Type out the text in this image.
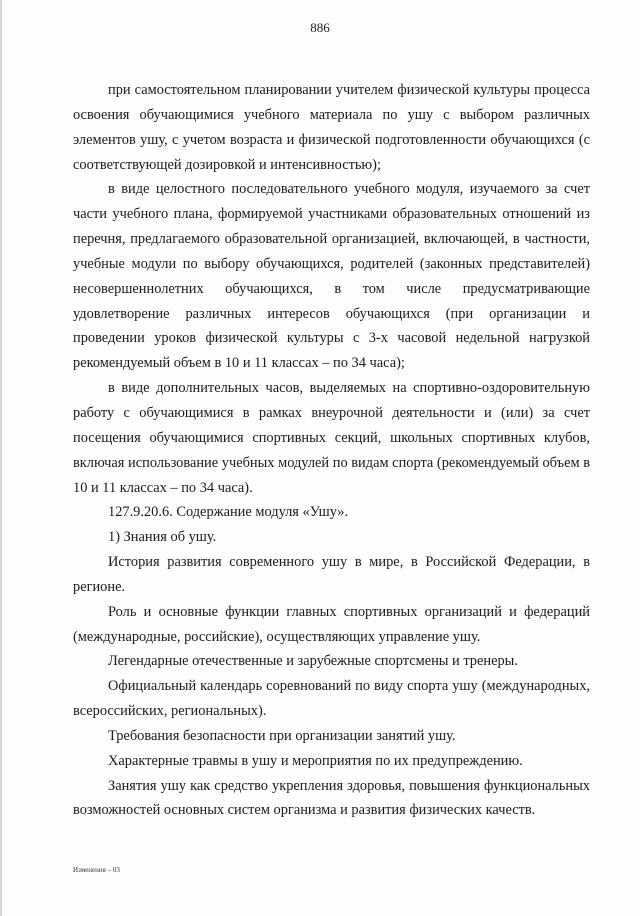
886

при самостоятельном планировании учителем физической культуры процесса освоения обучающимися учебного материала по ушу с выбором различных элементов ушу, с учетом возраста и физической подготовленности обучающихся (с соответствующей дозировкой и интенсивностью);

в виде целостного последовательного учебного модуля, изучаемого за счет части учебного плана, формируемой участниками образовательных отношений из перечня, предлагаемого образовательной организацией, включающей, в частности, учебные модули по выбору обучающихся, родителей (законных представителей) несовершеннолетних обучающихся, в том числе предусматривающие удовлетворение различных интересов обучающихся (при организации и проведении уроков физической культуры с 3-х часовой недельной нагрузкой рекомендуемый объем в 10 и 11 классах – по 34 часа);

в виде дополнительных часов, выделяемых на спортивно-оздоровительную работу с обучающимися в рамках внеурочной деятельности и (или) за счет посещения обучающимися спортивных секций, школьных спортивных клубов, включая использование учебных модулей по видам спорта (рекомендуемый объем в 10 и 11 классах – по 34 часа).

127.9.20.6. Содержание модуля «Ушу».

1) Знания об ушу.

История развития современного ушу в мире, в Российской Федерации, в регионе.

Роль и основные функции главных спортивных организаций и федераций (международные, российские), осуществляющих управление ушу.

Легендарные отечественные и зарубежные спортсмены и тренеры.

Официальный календарь соревнований по виду спорта ушу (международных, всероссийских, региональных).

Требования безопасности при организации занятий ушу.

Характерные травмы в ушу и мероприятия по их предупреждению.

Занятия ушу как средство укрепления здоровья, повышения функциональных возможностей основных систем организма и развития физических качеств.

Изменения – 03
